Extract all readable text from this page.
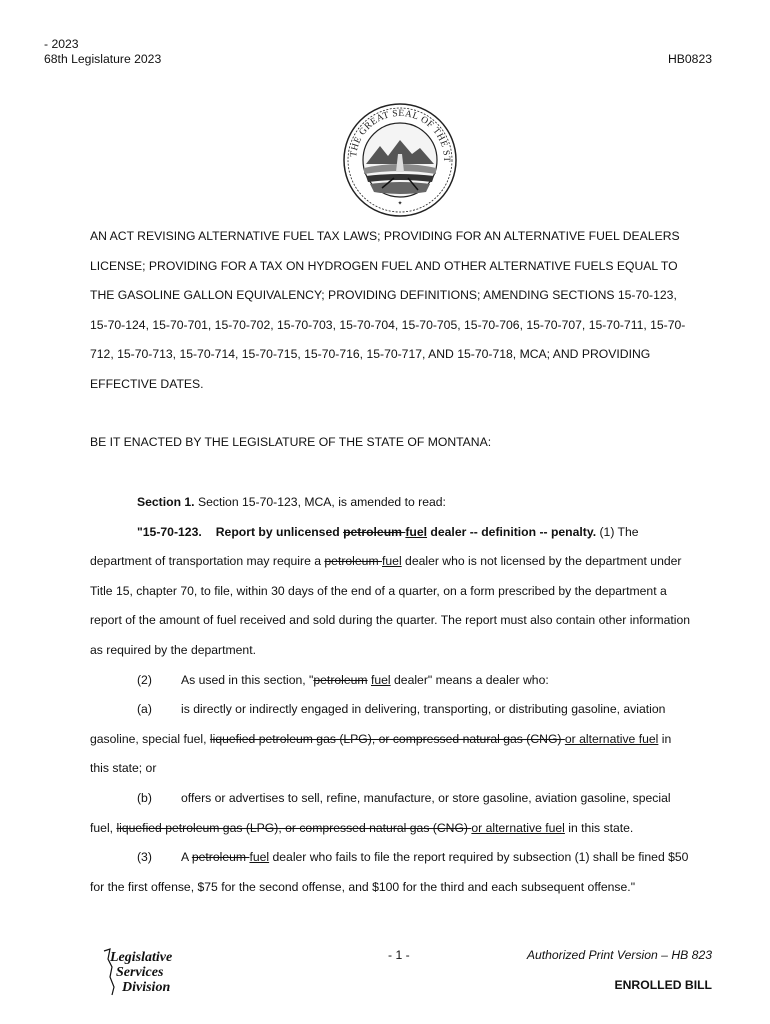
- 2023
68th Legislature 2023	HB0823
THE GREAT SEAL OF THE ST
✦
AN ACT REVISING ALTERNATIVE FUEL TAX LAWS; PROVIDING FOR AN ALTERNATIVE FUEL DEALERS
LICENSE; PROVIDING FOR A TAX ON HYDROGEN FUEL AND OTHER ALTERNATIVE FUELS EQUAL TO
THE GASOLINE GALLON EQUIVALENCY; PROVIDING DEFINITIONS; AMENDING SECTIONS 15-70-123,
15-70-124, 15-70-701, 15-70-702, 15-70-703, 15-70-704, 15-70-705, 15-70-706, 15-70-707, 15-70-711, 15-70-
712, 15-70-713, 15-70-714, 15-70-715, 15-70-716, 15-70-717, AND 15-70-718, MCA; AND PROVIDING
EFFECTIVE DATES.
BE IT ENACTED BY THE LEGISLATURE OF THE STATE OF MONTANA:
Section 1. Section 15-70-123, MCA, is amended to read:
"15-70-123. Report by unlicensed petroleum fuel dealer -- definition -- penalty. (1) The
department of transportation may require a petroleum fuel dealer who is not licensed by the department under
Title 15, chapter 70, to file, within 30 days of the end of a quarter, on a form prescribed by the department a
report of the amount of fuel received and sold during the quarter. The report must also contain other information
as required by the department.
(2) As used in this section, "petroleum fuel dealer" means a dealer who:
(a) is directly or indirectly engaged in delivering, transporting, or distributing gasoline, aviation
gasoline, special fuel, liquefied petroleum gas (LPG), or compressed natural gas (CNG) or alternative fuel in
this state; or
(b) offers or advertises to sell, refine, manufacture, or store gasoline, aviation gasoline, special
fuel, liquefied petroleum gas (LPG), or compressed natural gas (CNG) or alternative fuel in this state.
(3) A petroleum fuel dealer who fails to file the report required by subsection (1) shall be fined $50
for the first offense, $75 for the second offense, and $100 for the third and each subsequent offense."
Legislative
Services
Division
- 1 -	Authorized Print Version – HB 823
ENROLLED BILL
